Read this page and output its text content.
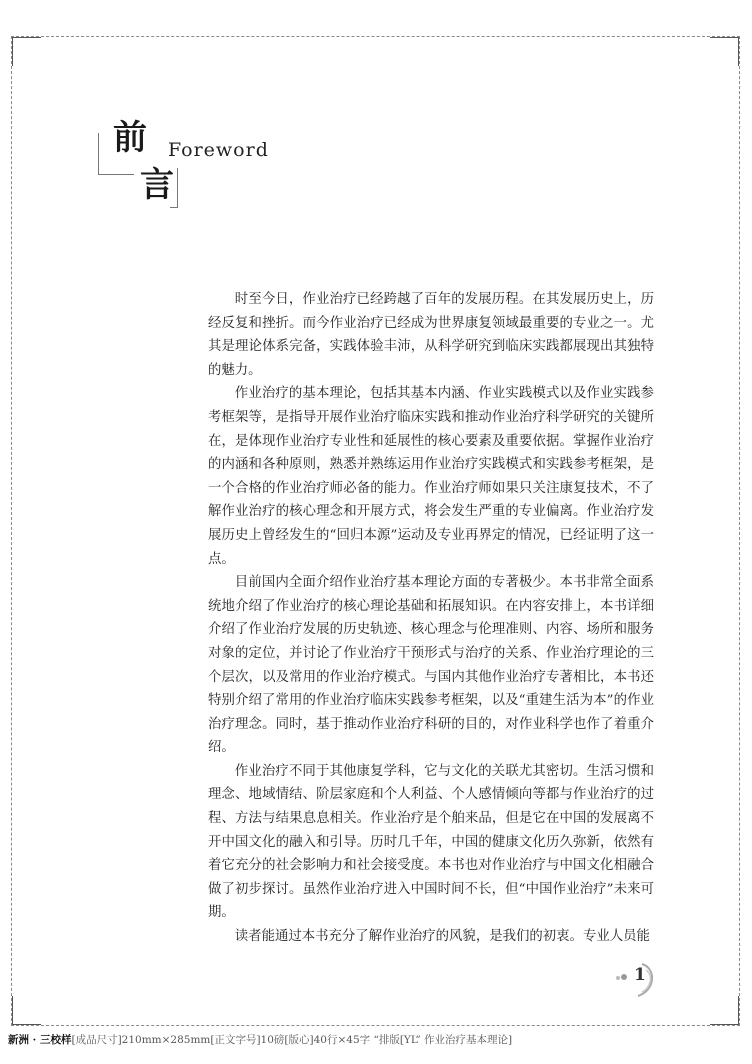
前
言
Foreword

时至今日，作业治疗已经跨越了百年的发展历程。在其发展历史上，历经反复和挫折。而今作业治疗已经成为世界康复领域最重要的专业之一。尤其是理论体系完备，实践体验丰沛，从科学研究到临床实践都展现出其独特的魅力。

作业治疗的基本理论，包括其基本内涵、作业实践模式以及作业实践参考框架等，是指导开展作业治疗临床实践和推动作业治疗科学研究的关键所在，是体现作业治疗专业性和延展性的核心要素及重要依据。掌握作业治疗的内涵和各种原则，熟悉并熟练运用作业治疗实践模式和实践参考框架，是一个合格的作业治疗师必备的能力。作业治疗师如果只关注康复技术，不了解作业治疗的核心理念和开展方式，将会发生严重的专业偏离。作业治疗发展历史上曾经发生的“回归本源”运动及专业再界定的情况，已经证明了这一点。

目前国内全面介绍作业治疗基本理论方面的专著极少。本书非常全面系统地介绍了作业治疗的核心理论基础和拓展知识。在内容安排上，本书详细介绍了作业治疗发展的历史轨迹、核心理念与伦理准则、内容、场所和服务对象的定位，并讨论了作业治疗干预形式与治疗的关系、作业治疗理论的三个层次，以及常用的作业治疗模式。与国内其他作业治疗专著相比，本书还特别介绍了常用的作业治疗临床实践参考框架，以及“重建生活为本”的作业治疗理念。同时，基于推动作业治疗科研的目的，对作业科学也作了着重介绍。

作业治疗不同于其他康复学科，它与文化的关联尤其密切。生活习惯和理念、地域情结、阶层家庭和个人利益、个人感情倾向等都与作业治疗的过程、方法与结果息息相关。作业治疗是个舶来品，但是它在中国的发展离不开中国文化的融入和引导。历时几千年，中国的健康文化历久弥新，依然有着它充分的社会影响力和社会接受度。本书也对作业治疗与中国文化相融合做了初步探讨。虽然作业治疗进入中国时间不长，但“中国作业治疗”未来可期。

读者能通过本书充分了解作业治疗的风貌，是我们的初衷。专业人员能

1
新洲 · 三校样[成品尺寸]210mm×285mm[正文字号]10磅[版心]40行×45字 “排版[YL” 作业治疗基本理论]
